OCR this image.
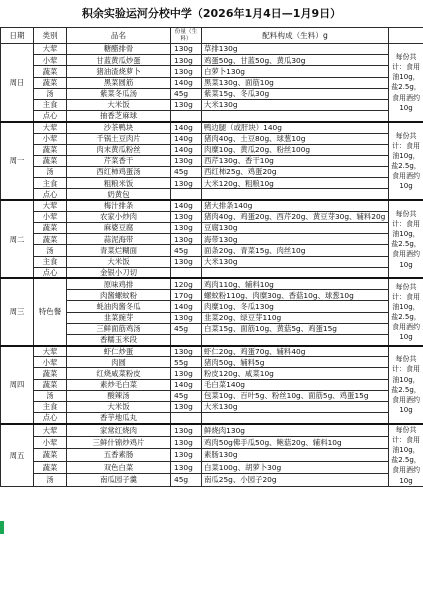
积余实验运河分校中学（2026年1月4日—1月9日）
日期	类别	品名	份量（生料）	配料构成（生料）g	
周日	大荤	糖醋排骨	130g	草排130g	每份共计：食用油10g，盐2.5g，食用酒约10g
	小荤	甘蓝黄瓜炒蛋	130g	鸡蛋50g、甘蓝50g、黄瓜30g	
	蔬菜	猪油渣烧萝卜	130g	白萝卜130g	
	蔬菜	黑菜圆筋	140g	黑菜130g、面筋10g	
	汤	紫菜冬瓜汤	45g	紫菜15g、冬瓜30g	
	主食	大米饭	130g	大米130g	
	点心	抽香芝麻球			
周一	大荤	沙茶鸭块	140g	鸭边腿（或肝块）140g	每份共计：食用油10g，盐2.5g，食用酒约10g
	小荤	千锅土豆肉片	140g	猪肉40g、土豆80g、球葱10g	
	蔬菜	肉末黄瓜粉丝	140g	肉糜10g、黄瓜20g、粉丝100g	
	蔬菜	芹菜香干	130g	西芹130g、香干10g	
	汤	西红柿鸡蛋汤	45g	西红柿25g、鸡蛋20g	
	主食	粗粮米饭	130g	大米120g、粗粮10g	
	点心	奶黄包			
周二	大荤	梅汁排条	140g	猪大排条140g	每份共计：食用油10g，盐2.5g，食用酒约10g
	小荤	农家小炒肉	130g	猪肉40g、鸡蛋20g、西芹20g、黄豆芽30g、辅料20g	
	蔬菜	麻婆豆腐	130g	豆腐130g	
	蔬菜	蒜泥海带	130g	海带130g	
	汤	青菜烂糊面	45g	面条20g、青菜15g、肉丝10g	
	主食	大米饭	130g	大米130g	
	点心	金银小刀切			
周三	特色餐	原味鸡排	120g	鸡肉110g、辅料10g	每份共计：食用油10g，盐2.5g，食用酒约10g
		肉酱螺蚊粉	170g	螺蚊粉110g、肉糜30g、香菇10g、球葱10g	
		蚝油肉酱冬瓜	140g	肉糜10g、冬瓜130g	
		韭菜豌芽	130g	韭菜20g、绿豆芽110g	
		三鲜面筋鸡汤	45g	白菜15g、面筋10g、黄菇5g、鸡蛋15g	
		香糯玉米段			
周四	大荤	虾仁炒蛋	130g	虾仁20g、鸡蛋70g、辅料40g	每份共计：食用油10g，盐2.5g，食用酒约10g
	小荤	肉圆	55g	猪肉50g、辅料5g	
	蔬菜	红烧咸菜粉皮	130g	粉皮120g、咸菜10g	
	蔬菜	素炒毛白菜	140g	毛白菜140g	
	汤	酸辣汤	45g	包菜10g、百叶5g、粉丝10g、面筋5g、鸡蛋15g	
	主食	大米饭	130g	大米130g	
	点心	香芋地瓜丸			
周五	大荤	家常红烧肉	130g	鲜烧肉130g	每份共计：食用油10g，盐2.5g，食用酒约10g
	小荤	三鲜什锦炒鸡片	130g	鸡肉50g佛手瓜50g、鲍菇20g、辅料10g	
	蔬菜	五香素肠	130g	素肠130g	
	蔬菜	双色白菜	130g	白菜100g、胡萝卜30g	
	汤	南瓜园子羹	45g	南瓜25g、小园子20g	
